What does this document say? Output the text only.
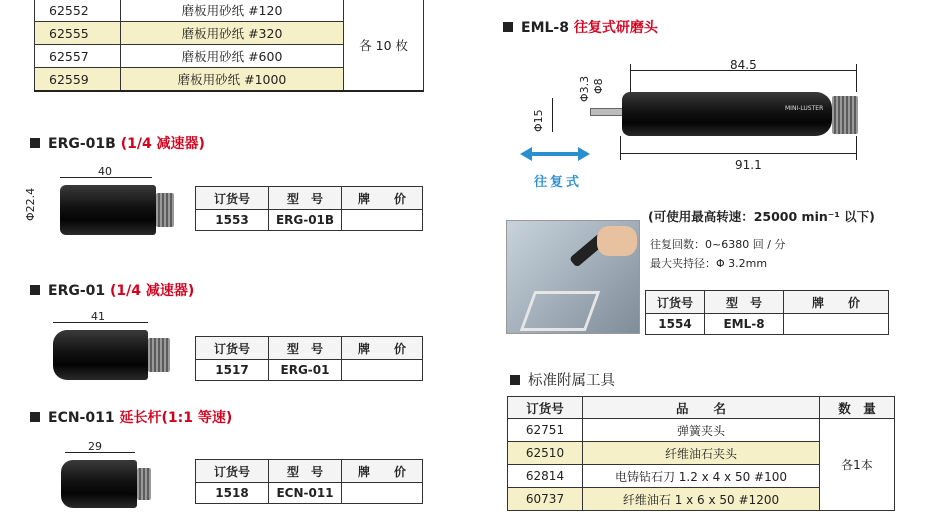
62552	磨板用砂纸 #120	各 10 枚
62555	磨板用砂纸 #320	
62557	磨板用砂纸 #600	
62559	磨板用砂纸 #1000	
ERG-01B (1/4 减速器)
40
Φ22.4	订货号	型　号	牌　　价
1553	ERG-01B	
ERG-01 (1/4 减速器)
41
订货号	型　号	牌　　价
1517	ERG-01	
ECN-011 延长杆(1:1 等速)
29
订货号	型　号	牌　　价
1518	ECN-011	
EML-8 往复式研磨头
84.5
Φ3.3 Φ8
Φ15
MINI-LUSTER
91.1
往复式
(可使用最高转速：25000 min⁻¹ 以下)
往复回数：0~6380 回 / 分
最大夹持径：Φ 3.2mm
订货号	型　号	牌　　价
1554	EML-8	
标准附属工具
订货号	品　　名	数　量
62751	弹簧夹头	各1本
62510	纤维油石夹头	
62814	电铸钻石刀 1.2 x 4 x 50 #100	
60737	纤维油石 1 x 6 x 50 #1200	
